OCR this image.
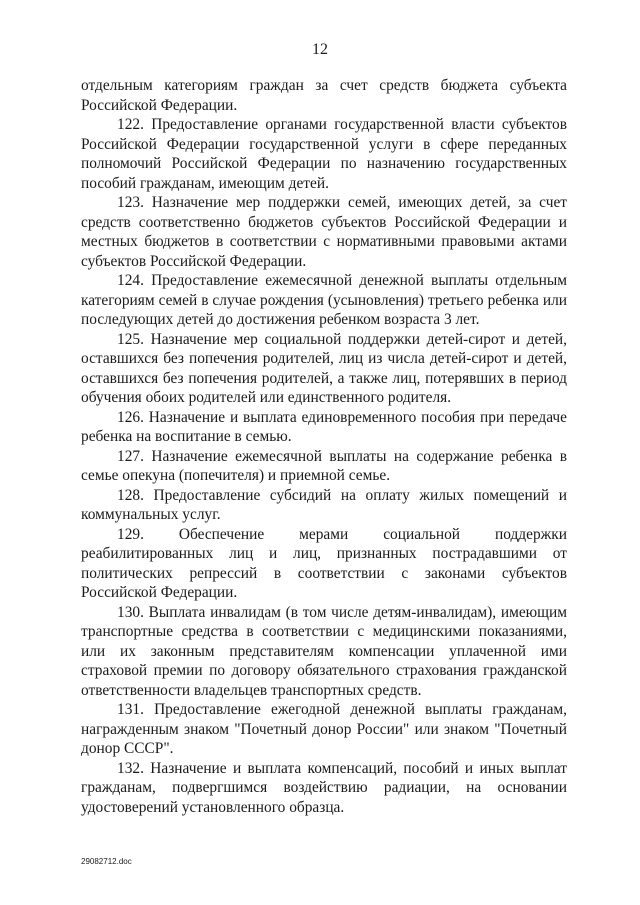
12

отдельным категориям граждан за счет средств бюджета субъекта Российской Федерации.

122. Предоставление органами государственной власти субъектов Российской Федерации государственной услуги в сфере переданных полномочий Российской Федерации по назначению государственных пособий гражданам, имеющим детей.

123. Назначение мер поддержки семей, имеющих детей, за счет средств соответственно бюджетов субъектов Российской Федерации и местных бюджетов в соответствии с нормативными правовыми актами субъектов Российской Федерации.

124. Предоставление ежемесячной денежной выплаты отдельным категориям семей в случае рождения (усыновления) третьего ребенка или последующих детей до достижения ребенком возраста 3 лет.

125. Назначение мер социальной поддержки детей-сирот и детей, оставшихся без попечения родителей, лиц из числа детей-сирот и детей, оставшихся без попечения родителей, а также лиц, потерявших в период обучения обоих родителей или единственного родителя.

126. Назначение и выплата единовременного пособия при передаче ребенка на воспитание в семью.

127. Назначение ежемесячной выплаты на содержание ребенка в семье опекуна (попечителя) и приемной семье.

128. Предоставление субсидий на оплату жилых помещений и коммунальных услуг.

129. Обеспечение мерами социальной поддержки реабилитированных лиц и лиц, признанных пострадавшими от политических репрессий в соответствии с законами субъектов Российской Федерации.

130. Выплата инвалидам (в том числе детям-инвалидам), имеющим транспортные средства в соответствии с медицинскими показаниями, или их законным представителям компенсации уплаченной ими страховой премии по договору обязательного страхования гражданской ответственности владельцев транспортных средств.

131. Предоставление ежегодной денежной выплаты гражданам, награжденным знаком "Почетный донор России" или знаком "Почетный донор СССР".

132. Назначение и выплата компенсаций, пособий и иных выплат гражданам, подвергшимся воздействию радиации, на основании удостоверений установленного образца.

29082712.doc
